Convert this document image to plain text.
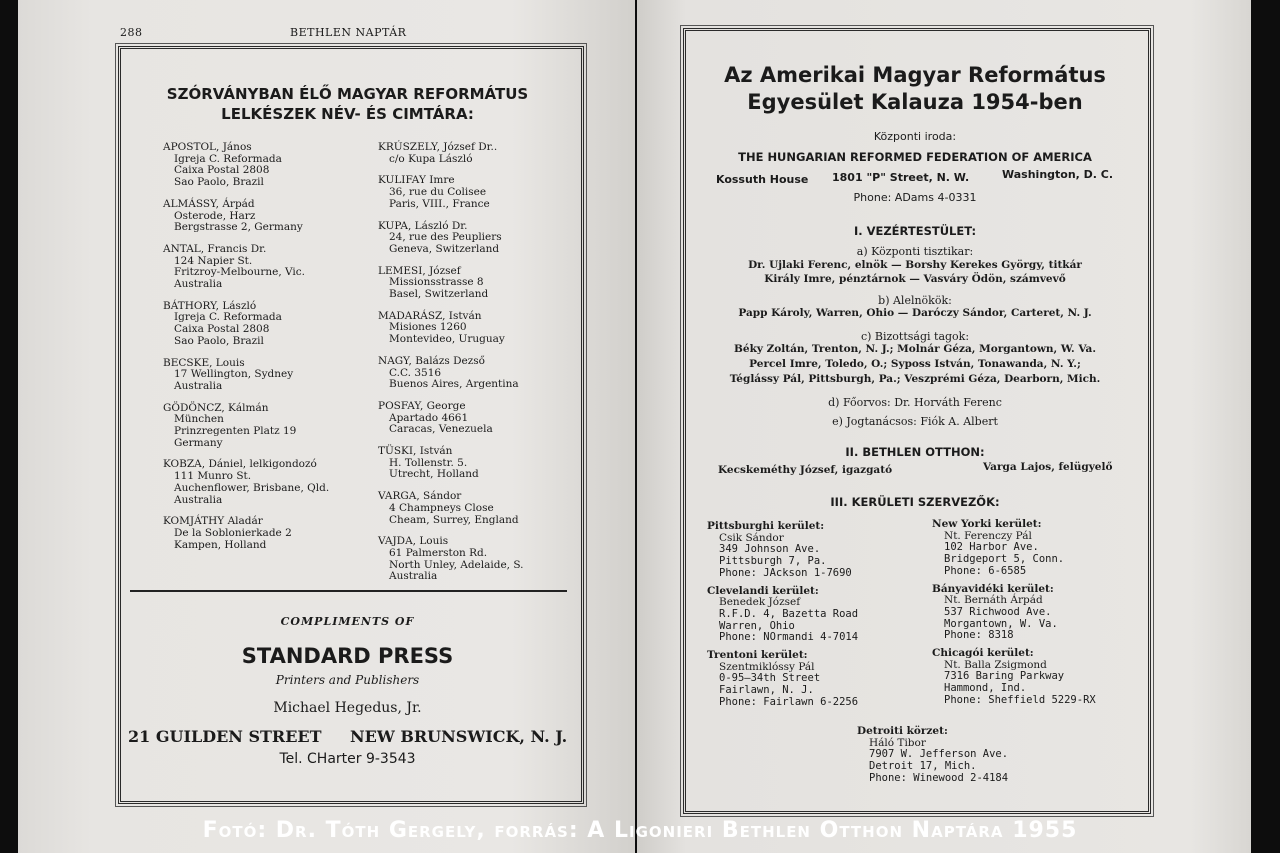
288	BETHLEN NAPTÁR
SZÓRVÁNYBAN ÉLŐ MAGYAR REFORMÁTUS
LELKÉSZEK NÉV- ÉS CIMTÁRA:
APOSTOL, János
Igreja C. Reformada
Caixa Postal 2808
Sao Paolo, Brazil
ALMÁSSY, Árpád
Osterode, Harz
Bergstrasse 2, Germany
ANTAL, Francis Dr.
124 Napier St.
Fritzroy-Melbourne, Vic.
Australia
BÁTHORY, László
Igreja C. Reformada
Caixa Postal 2808
Sao Paolo, Brazil
BECSKE, Louis
17 Wellington, Sydney
Australia
GÖDÖNCZ, Kálmán
München
Prinzregenten Platz 19
Germany
KOBZA, Dániel, lelkigondozó
111 Munro St.
Auchenflower, Brisbane, Qld.
Australia
KOMJÁTHY Aladár
De la Soblonierkade 2
Kampen, Holland
KRÚSZELY, József Dr..
c/o Kupa László
KULIFAY Imre
36, rue du Colisee
Paris, VIII., France
KUPA, László Dr.
24, rue des Peupliers
Geneva, Switzerland
LEMESI, József
Missionsstrasse 8
Basel, Switzerland
MADARÁSZ, István
Misiones 1260
Montevideo, Uruguay
NAGY, Balázs Dezső
C.C. 3516
Buenos Aires, Argentina
POSFAY, George
Apartado 4661
Caracas, Venezuela
TÜSKI, István
H. Tollenstr. 5.
Utrecht, Holland
VARGA, Sándor
4 Champneys Close
Cheam, Surrey, England
VAJDA, Louis
61 Palmerston Rd.
North Unley, Adelaide, S.
Australia
COMPLIMENTS OF
STANDARD PRESS
Printers and Publishers
Michael Hegedus, Jr.
21 GUILDEN STREET NEW BRUNSWICK, N. J.
Tel. CHarter 9-3543
Az Amerikai Magyar Református
Egyesület Kalauza 1954-ben
Központi iroda:
THE HUNGARIAN REFORMED FEDERATION OF AMERICA
Kossuth House 1801 "P" Street, N. W.	Washington, D. C.
Phone: ADams 4-0331
I. VEZÉRTESTÜLET:
a) Központi tisztikar:
Dr. Ujlaki Ferenc, elnök — Borshy Kerekes György, titkár
Király Imre, pénztárnok — Vasváry Ödön, számvevő
b) Alelnökök:
Papp Károly, Warren, Ohio — Daróczy Sándor, Carteret, N. J.
c) Bizottsági tagok:
Béky Zoltán, Trenton, N. J.; Molnár Géza, Morgantown, W. Va.
Percel Imre, Toledo, O.; Syposs István, Tonawanda, N. Y.;
Téglássy Pál, Pittsburgh, Pa.; Veszprémi Géza, Dearborn, Mich.
d) Főorvos: Dr. Horváth Ferenc
e) Jogtanácsos: Fiók A. Albert
II. BETHLEN OTTHON:
Kecskeméthy József, igazgató	Varga Lajos, felügyelő
III. KERÜLETI SZERVEZŐK:
Pittsburghi kerület:
Csik Sándor
349 Johnson Ave.
Pittsburgh 7, Pa.
Phone: JAckson 1-7690
Clevelandi kerület:
Benedek József
R.F.D. 4, Bazetta Road
Warren, Ohio
Phone: NOrmandi 4-7014
Trentoni kerület:
Szentmiklóssy Pál
0-95—34th Street
Fairlawn, N. J.
Phone: Fairlawn 6-2256
New Yorki kerület:
Nt. Ferenczy Pál
102 Harbor Ave.
Bridgeport 5, Conn.
Phone: 6-6585
Bányavidéki kerület:
Nt. Bernáth Árpád
537 Richwood Ave.
Morgantown, W. Va.
Phone: 8318
Chicagói kerület:
Nt. Balla Zsigmond
7316 Baring Parkway
Hammond, Ind.
Phone: Sheffield 5229-RX
Detroiti körzet:
Háló Tibor
7907 W. Jefferson Ave.
Detroit 17, Mich.
Phone: Winewood 2-4184
Fotó: Dr. Tóth Gergely, forrás: A Ligonieri Bethlen Otthon Naptára 1955
